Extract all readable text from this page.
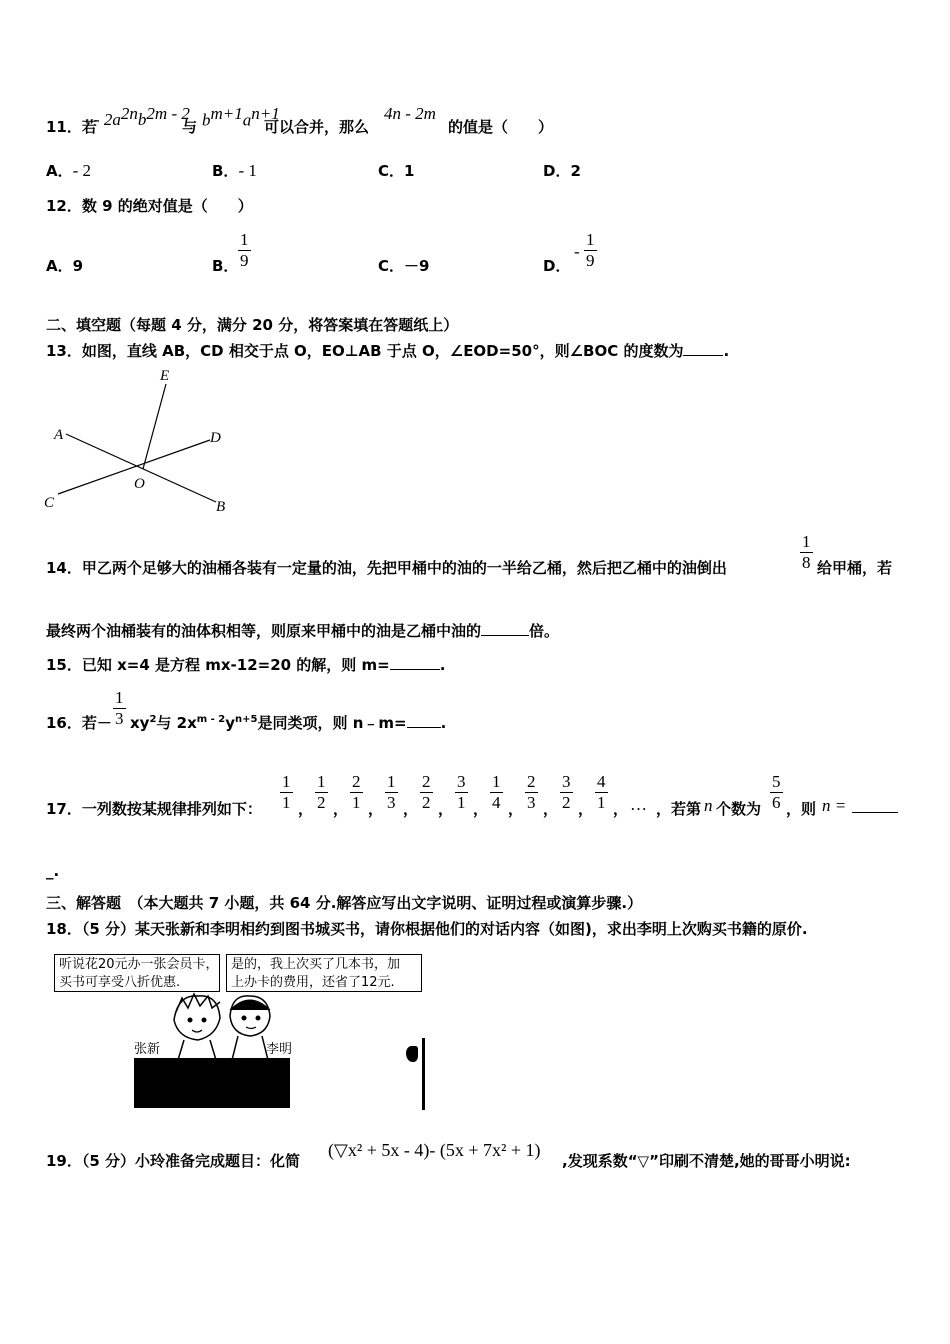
11．若
- $2a^{2n}b^{2m - 2}$
与 $b^{m+1}a^{n+1}$
可以合并，那么
4n - 2m
的值是（　　）
A．- 2	B．- 1	C．1	D．2
12．数 9 的绝对值是（　　）
A．9	B． $\frac{1}{9}$	C．－9	D．
- $\frac{1}{9}$
二、填空题（每题 4 分，满分 20 分，将答案填在答题纸上）
13．如图，直线 AB，CD 相交于点 O，EO⊥AB 于点 O，∠EOD=50°，则∠BOC 的度数为	.
E
A	D
O
C	B
14．甲乙两个足够大的油桶各装有一定量的油，先把甲桶中的油的一半给乙桶，然后把乙桶中的油倒出	$\frac{1}{8}$ 给甲桶，若
最终两个油桶装有的油体积相等，则原来甲桶中的油是乙桶中油的	倍。
15．已知 x=4 是方程 mx-12=20 的解，则 m=	.
16．若－ $\frac{1}{3} xy^2$与 $2x^{m - 2}y^{n+5}$是同类项，则 n﹣m= .
17．一列数按某规律排列如下： $\frac{1}{1}$ ， $\frac{1}{2}$ ， $\frac{2}{1}$ ， $\frac{1}{3}$ ， $\frac{2}{2}$ ， $\frac{3}{1}$ ， $\frac{1}{4}$ ， $\frac{2}{3}$ ， $\frac{3}{2}$ ， $\frac{4}{1}$ ， … ，若第 n 个数为 $\frac{5}{6}$ ，则 n =
_.
三、解答题　（本大题共 7 小题，共 64 分.解答应写出文字说明、证明过程或演算步骤.）
18．（5 分）某天张新和李明相约到图书城买书，请你根据他们的对话内容（如图)，求出李明上次购买书籍的原价.
听说花20元办一张会员卡，
买书可享受八折优惠.
是的，我上次买了几本书，加
上办卡的费用，还省了12元.
张新	李明
19．（5 分）小玲准备完成题目：化简
(▽x² + 5x - 4)- (5x + 7x² + 1)
,发现系数“▽”印刷不清楚,她的哥哥小明说:
